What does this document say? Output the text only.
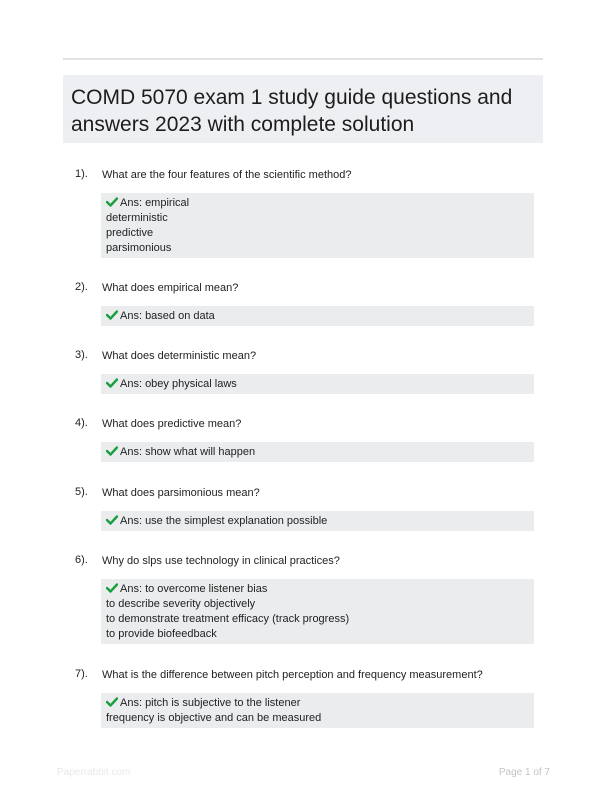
COMD 5070 exam 1 study guide questions and answers 2023 with complete solution
1). What are the four features of the scientific method?
Ans: empirical
deterministic
predictive
parsimonious
2). What does empirical mean?
Ans: based on data
3). What does deterministic mean?
Ans: obey physical laws
4). What does predictive mean?
Ans: show what will happen
5). What does parsimonious mean?
Ans: use the simplest explanation possible
6). Why do slps use technology in clinical practices?
Ans: to overcome listener bias
to describe severity objectively
to demonstrate treatment efficacy (track progress)
to provide biofeedback
7). What is the difference between pitch perception and frequency measurement?
Ans: pitch is subjective to the listener
frequency is objective and can be measured
Paperrabbit.com	Page 1 of 7
